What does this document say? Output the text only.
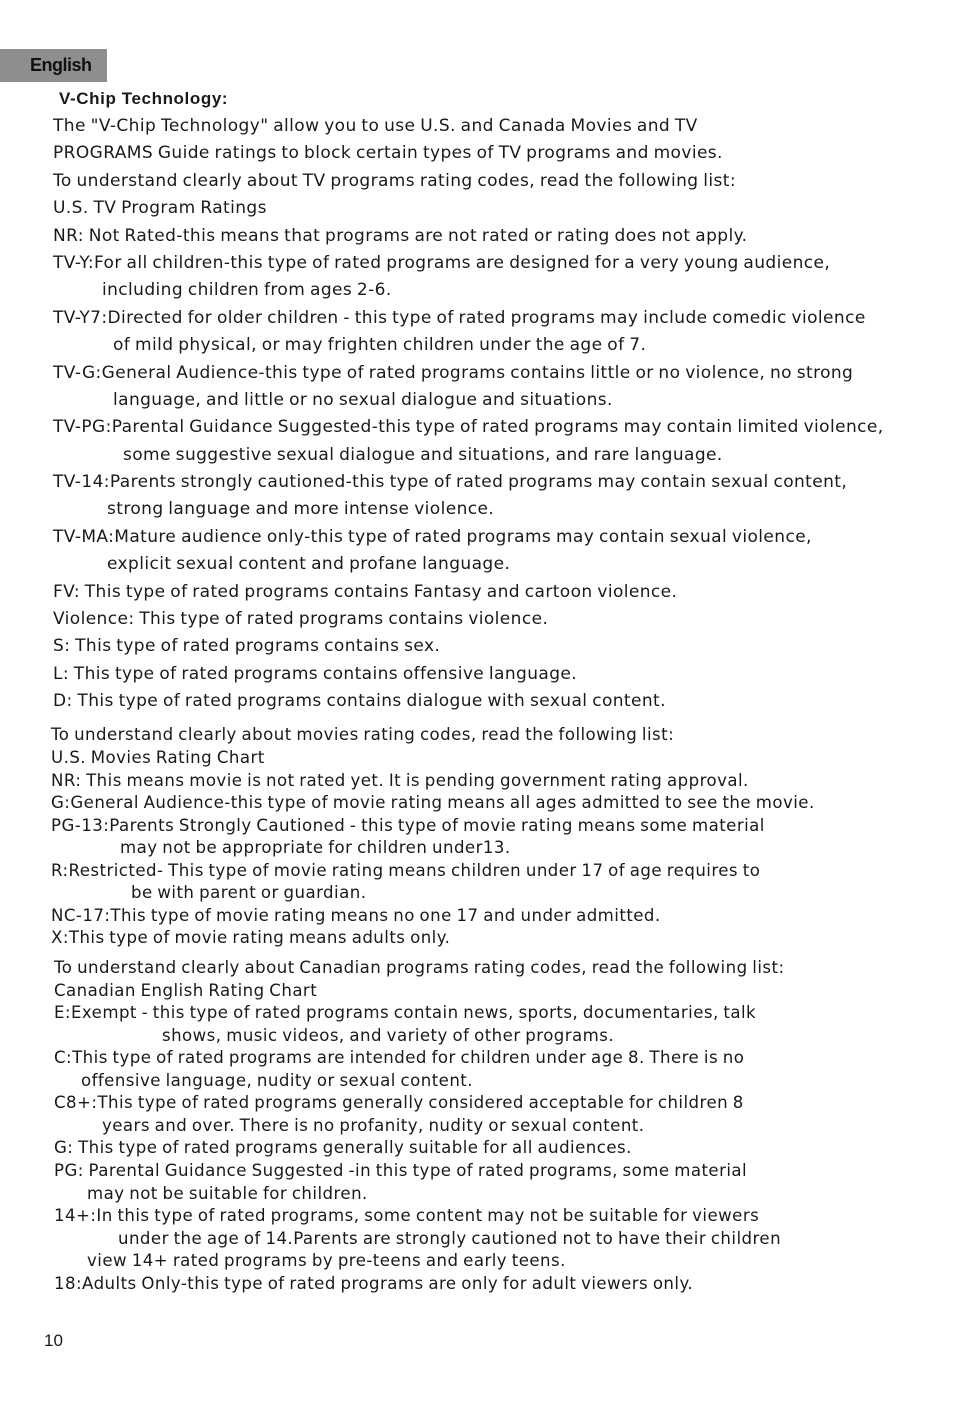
English
V-Chip Technology:
The "V-Chip Technology" allow you to use U.S. and Canada Movies and TV
PROGRAMS Guide ratings to block certain types of TV programs and movies.
To understand clearly about TV programs rating codes, read the following list:
U.S. TV Program Ratings
NR: Not Rated-this means that programs are not rated or rating does not apply.
TV-Y:For all children-this type of rated programs are designed for a very young audience,
including children from ages 2-6.
TV-Y7:Directed for older children - this type of rated programs may include comedic violence
of mild physical, or may frighten children under the age of 7.
TV-G:General Audience-this type of rated programs contains little or no violence, no strong
language, and little or no sexual dialogue and situations.
TV-PG:Parental Guidance Suggested-this type of rated programs may contain limited violence,
some suggestive sexual dialogue and situations, and rare language.
TV-14:Parents strongly cautioned-this type of rated programs may contain sexual content,
strong language and more intense violence.
TV-MA:Mature audience only-this type of rated programs may contain sexual violence,
explicit sexual content and profane language.
FV: This type of rated programs contains Fantasy and cartoon violence.
Violence: This type of rated programs contains violence.
S: This type of rated programs contains sex.
L: This type of rated programs contains offensive language.
D: This type of rated programs contains dialogue with sexual content.
To understand clearly about movies rating codes, read the following list:
U.S. Movies Rating Chart
NR: This means movie is not rated yet. It is pending government rating approval.
G:General Audience-this type of movie rating means all ages admitted to see the movie.
PG-13:Parents Strongly Cautioned - this type of movie rating means some material
may not be appropriate for children under13.
R:Restricted- This type of movie rating means children under 17 of age requires to
be with parent or guardian.
NC-17:This type of movie rating means no one 17 and under admitted.
X:This type of movie rating means adults only.
To understand clearly about Canadian programs rating codes, read the following list:
Canadian English Rating Chart
E:Exempt - this type of rated programs contain news, sports, documentaries, talk
shows, music videos, and variety of other programs.
C:This type of rated programs are intended for children under age 8. There is no
offensive language, nudity or sexual content.
C8+:This type of rated programs generally considered acceptable for children 8
years and over. There is no profanity, nudity or sexual content.
G: This type of rated programs generally suitable for all audiences.
PG: Parental Guidance Suggested -in this type of rated programs, some material
may not be suitable for children.
14+:In this type of rated programs, some content may not be suitable for viewers
under the age of 14.Parents are strongly cautioned not to have their children
view 14+ rated programs by pre-teens and early teens.
18:Adults Only-this type of rated programs are only for adult viewers only.
10
